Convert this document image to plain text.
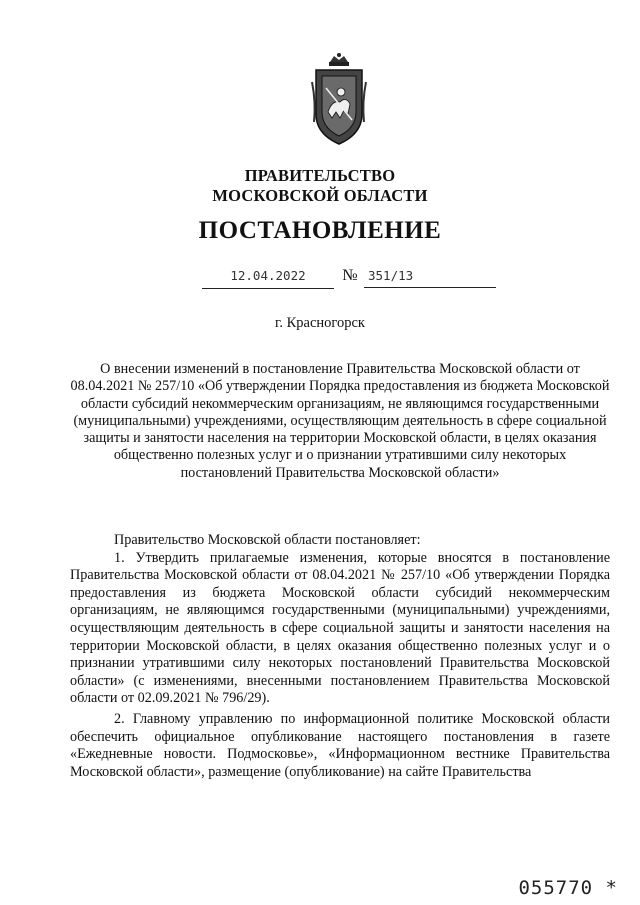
ПРАВИТЕЛЬСТВО
МОСКОВСКОЙ ОБЛАСТИ
ПОСТАНОВЛЕНИЕ
12.04.2022	№ 351/13
г. Красногорск
О внесении изменений в постановление Правительства Московской области от 08.04.2021 № 257/10 «Об утверждении Порядка предоставления из бюджета Московской области субсидий некоммерческим организациям, не являющимся государственными (муниципальными) учреждениями, осуществляющим деятельность в сфере социальной защиты и занятости населения на территории Московской области, в целях оказания общественно полезных услуг и о признании утратившими силу некоторых постановлений Правительства Московской области»

Правительство Московской области постановляет:

1. Утвердить прилагаемые изменения, которые вносятся в постановление Правительства Московской области от 08.04.2021 № 257/10 «Об утверждении Порядка предоставления из бюджета Московской области субсидий некоммерческим организациям, не являющимся государственными (муниципальными) учреждениями, осуществляющим деятельность в сфере социальной защиты и занятости населения на территории Московской области, в целях оказания общественно полезных услуг и о признании утратившими силу некоторых постановлений Правительства Московской области» (с изменениями, внесенными постановлением Правительства Московской области от 02.09.2021 № 796/29).

2. Главному управлению по информационной политике Московской области обеспечить официальное опубликование настоящего постановления в газете «Ежедневные новости. Подмосковье», «Информационном вестнике Правительства Московской области», размещение (опубликование) на сайте Правительства

055770 *
